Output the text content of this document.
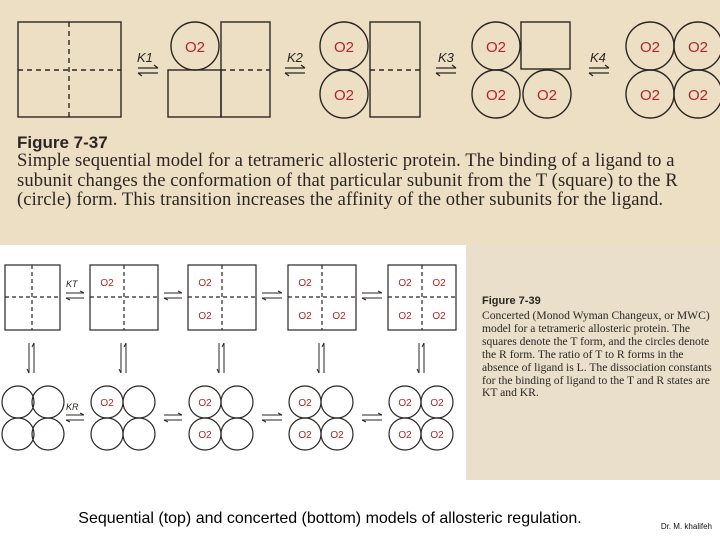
K1	K2	K3	K4
O2	O2
O2
O2
O2 O2
O2 O2
O2 O2
Figure 7-37
Simple sequential model for a tetrameric allosteric protein. The binding of a ligand to a subunit changes the conformation of that particular subunit from the T (square) to the R (circle) form. This transition increases the affinity of the other subunits for the ligand.
KT
KR
O2	O2
O2
O2
O2 O2
O2 O2
O2 O2
O2	O2
O2
O2
O2 O2
O2 O2
O2 O2
Figure 7-39
Concerted (Monod Wyman Changeux, or MWC) model for a tetrameric allosteric protein. The squares denote the T form, and the circles denote the R form. The ratio of T to R forms in the absence of ligand is L. The dissociation constants for the binding of ligand to the T and R states are KT and KR.
Sequential (top) and concerted (bottom) models of allosteric regulation.	Dr. M. khalifeh
